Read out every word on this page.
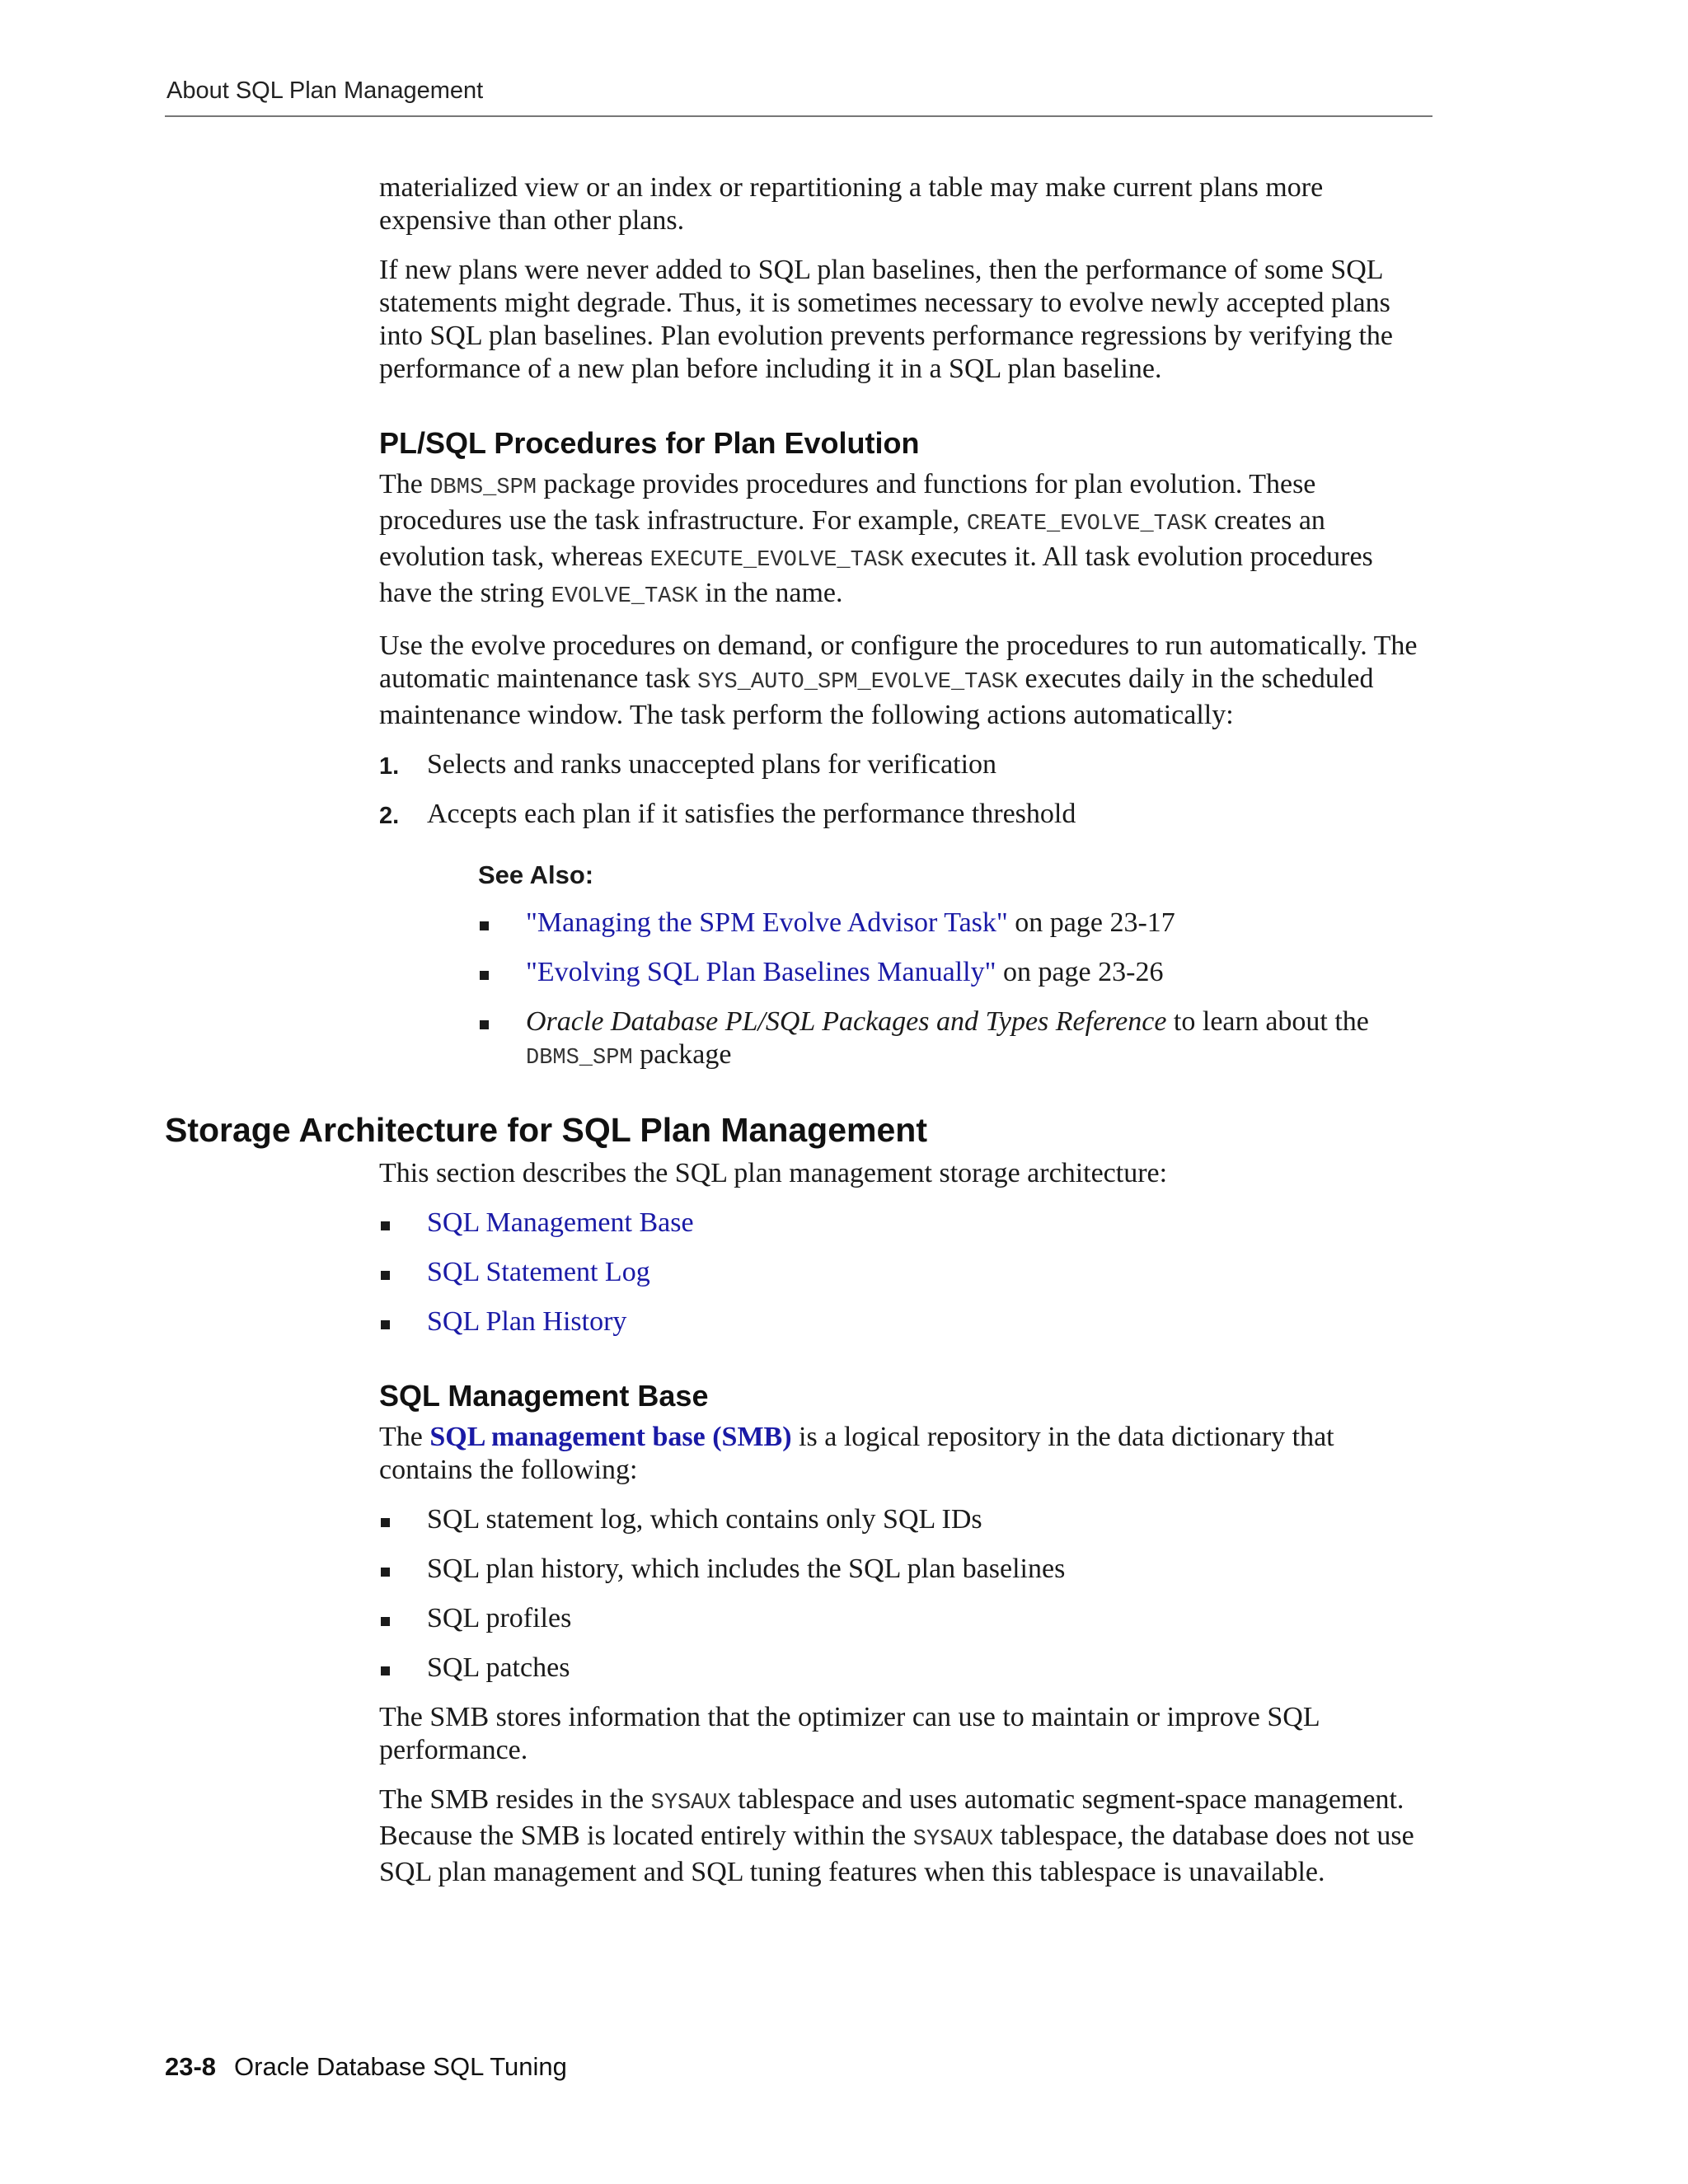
About SQL Plan Management

materialized view or an index or repartitioning a table may make current plans more expensive than other plans.

If new plans were never added to SQL plan baselines, then the performance of some SQL statements might degrade. Thus, it is sometimes necessary to evolve newly accepted plans into SQL plan baselines. Plan evolution prevents performance regressions by verifying the performance of a new plan before including it in a SQL plan baseline.

PL/SQL Procedures for Plan Evolution

The DBMS_SPM package provides procedures and functions for plan evolution. These procedures use the task infrastructure. For example, CREATE_EVOLVE_TASK creates an evolution task, whereas EXECUTE_EVOLVE_TASK executes it. All task evolution procedures have the string EVOLVE_TASK in the name.

Use the evolve procedures on demand, or configure the procedures to run automatically. The automatic maintenance task SYS_AUTO_SPM_EVOLVE_TASK executes daily in the scheduled maintenance window. The task perform the following actions automatically:

1. Selects and ranks unaccepted plans for verification
2. Accepts each plan if it satisfies the performance threshold
See Also:
"Managing the SPM Evolve Advisor Task" on page 23-17
"Evolving SQL Plan Baselines Manually" on page 23-26
Oracle Database PL/SQL Packages and Types Reference to learn about the DBMS_SPM package
Storage Architecture for SQL Plan Management

This section describes the SQL plan management storage architecture:

SQL Management Base
SQL Statement Log
SQL Plan History
SQL Management Base

The SQL management base (SMB) is a logical repository in the data dictionary that contains the following:

SQL statement log, which contains only SQL IDs
SQL plan history, which includes the SQL plan baselines
SQL profiles
SQL patches

The SMB stores information that the optimizer can use to maintain or improve SQL performance.

The SMB resides in the SYSAUX tablespace and uses automatic segment-space management. Because the SMB is located entirely within the SYSAUX tablespace, the database does not use SQL plan management and SQL tuning features when this tablespace is unavailable.

23-8 Oracle Database SQL Tuning
